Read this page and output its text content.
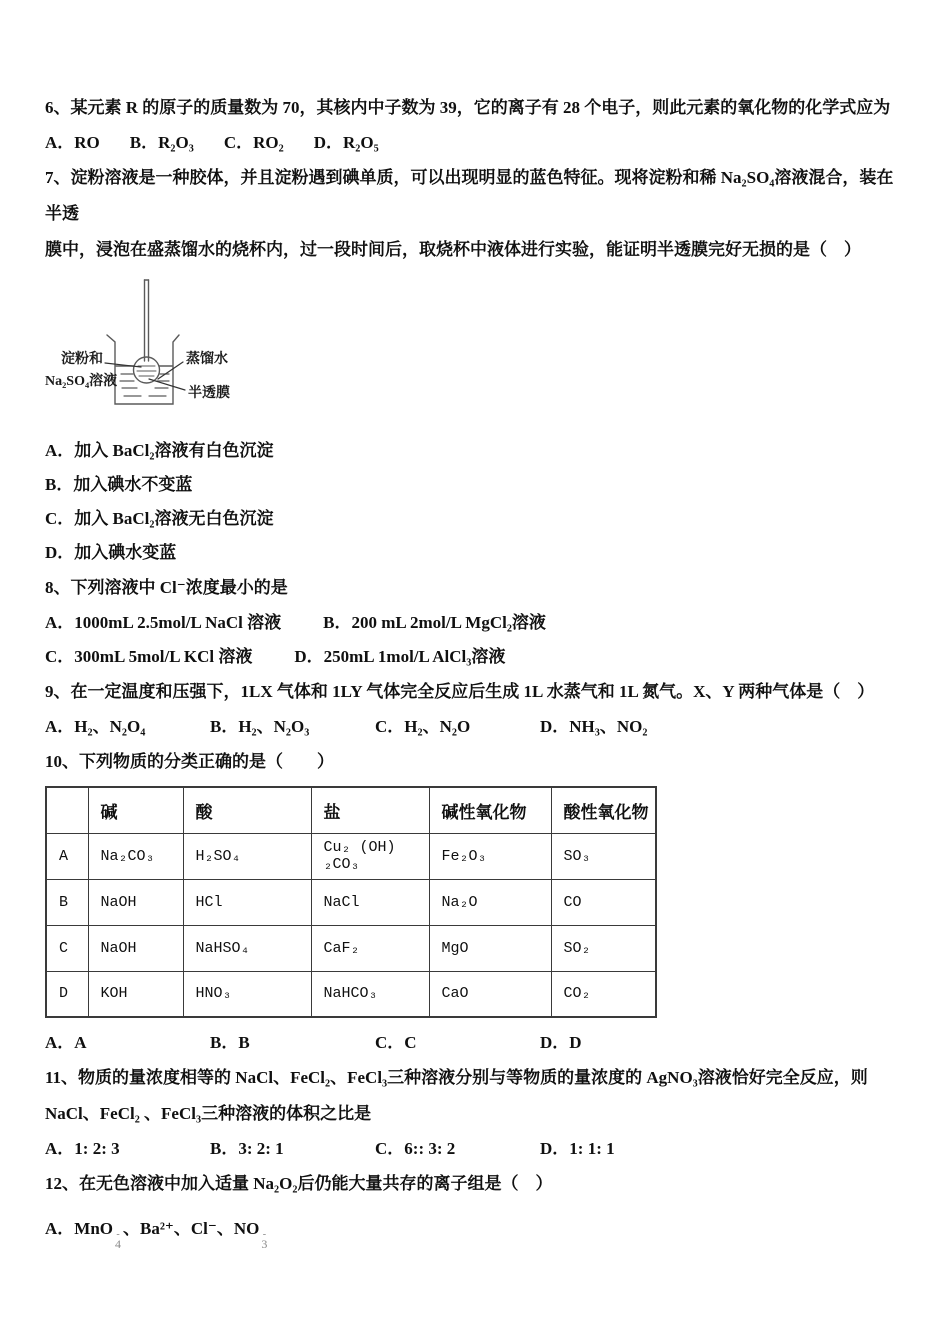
6、某元素 R 的原子的质量数为 70，其核内中子数为 39，它的离子有 28 个电子，则此元素的氧化物的化学式应为

A．RO B．R₂O₃ C．RO₂ D．R₂O₅

7、淀粉溶液是一种胶体，并且淀粉遇到碘单质，可以出现明显的蓝色特征。现将淀粉和稀 Na₂SO₄溶液混合，装在半透

膜中，浸泡在盛蒸馏水的烧杯内，过一段时间后，取烧杯中液体进行实验，能证明半透膜完好无损的是（　）

淀粉和
Na₂SO₄溶液
蒸馏水
半透膜

A．加入 BaCl₂溶液有白色沉淀

B．加入碘水不变蓝

C．加入 BaCl₂溶液无白色沉淀

D．加入碘水变蓝

8、下列溶液中 Cl⁻浓度最小的是

A．1000mL 2.5mol/L NaCl 溶液 B．200 mL 2mol/L MgCl₂溶液

C．300mL 5mol/L KCl 溶液 D．250mL 1mol/L AlCl₃溶液

9、在一定温度和压强下，1LX 气体和 1LY 气体完全反应后生成 1L 水蒸气和 1L 氮气。X、Y 两种气体是（　）

A．H₂、N₂O₄	B．H₂、N₂O₃	C．H₂、N₂O	D．NH₃、NO₂

10、下列物质的分类正确的是（　　）

	碱	酸	盐	碱性氧化物	酸性氧化物
A	Na₂CO₃	H₂SO₄	Cu₂ (OH) ₂CO₃	Fe₂O₃	SO₃
B	NaOH	HCl	NaCl	Na₂O	CO
C	NaOH	NaHSO₄	CaF₂	MgO	SO₂
D	KOH	HNO₃	NaHCO₃	CaO	CO₂

A．A	B．B	C．C	D．D

11、物质的量浓度相等的 NaCl、FeCl₂、FeCl₃三种溶液分别与等物质的量浓度的 AgNO₃溶液恰好完全反应，则

NaCl、FeCl₂ 、FeCl₃三种溶液的体积之比是

A．1: 2: 3	B．3: 2: 1	C．6:: 3: 2	D．1: 1: 1

12、在无色溶液中加入适量 Na₂O₂后仍能大量共存的离子组是（　）

A．MnO -
4
、Ba²⁺、Cl⁻、NO -
3
